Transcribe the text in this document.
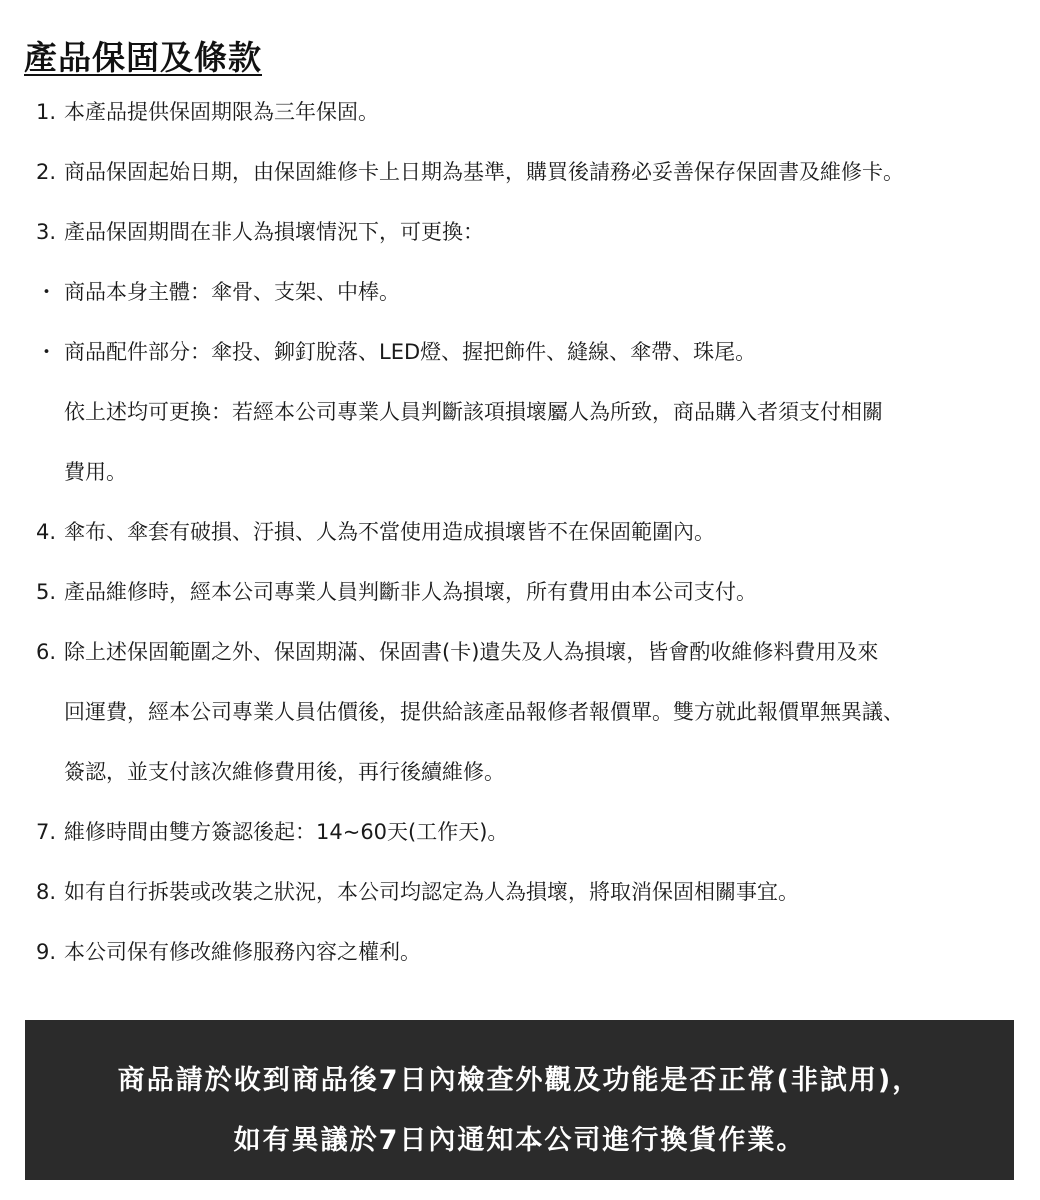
產品保固及條款
1. 本產品提供保固期限為三年保固。
2. 商品保固起始日期，由保固維修卡上日期為基準，購買後請務必妥善保存保固書及維修卡。
3. 產品保固期間在非人為損壞情況下，可更換：
・ 商品本身主體：傘骨、支架、中棒。
・ 商品配件部分：傘投、鉚釘脫落、LED燈、握把飾件、縫線、傘帶、珠尾。
依上述均可更換：若經本公司專業人員判斷該項損壞屬人為所致，商品購入者須支付相關
費用。
4. 傘布、傘套有破損、汙損、人為不當使用造成損壞皆不在保固範圍內。
5. 產品維修時，經本公司專業人員判斷非人為損壞，所有費用由本公司支付。
6. 除上述保固範圍之外、保固期滿、保固書(卡)遺失及人為損壞，皆會酌收維修料費用及來
回運費，經本公司專業人員估價後，提供給該產品報修者報價單。雙方就此報價單無異議、
簽認，並支付該次維修費用後，再行後續維修。
7. 維修時間由雙方簽認後起：14~60天(工作天)。
8. 如有自行拆裝或改裝之狀況，本公司均認定為人為損壞，將取消保固相關事宜。
9. 本公司保有修改維修服務內容之權利。
商品請於收到商品後7日內檢查外觀及功能是否正常(非試用)，
如有異議於7日內通知本公司進行換貨作業。
